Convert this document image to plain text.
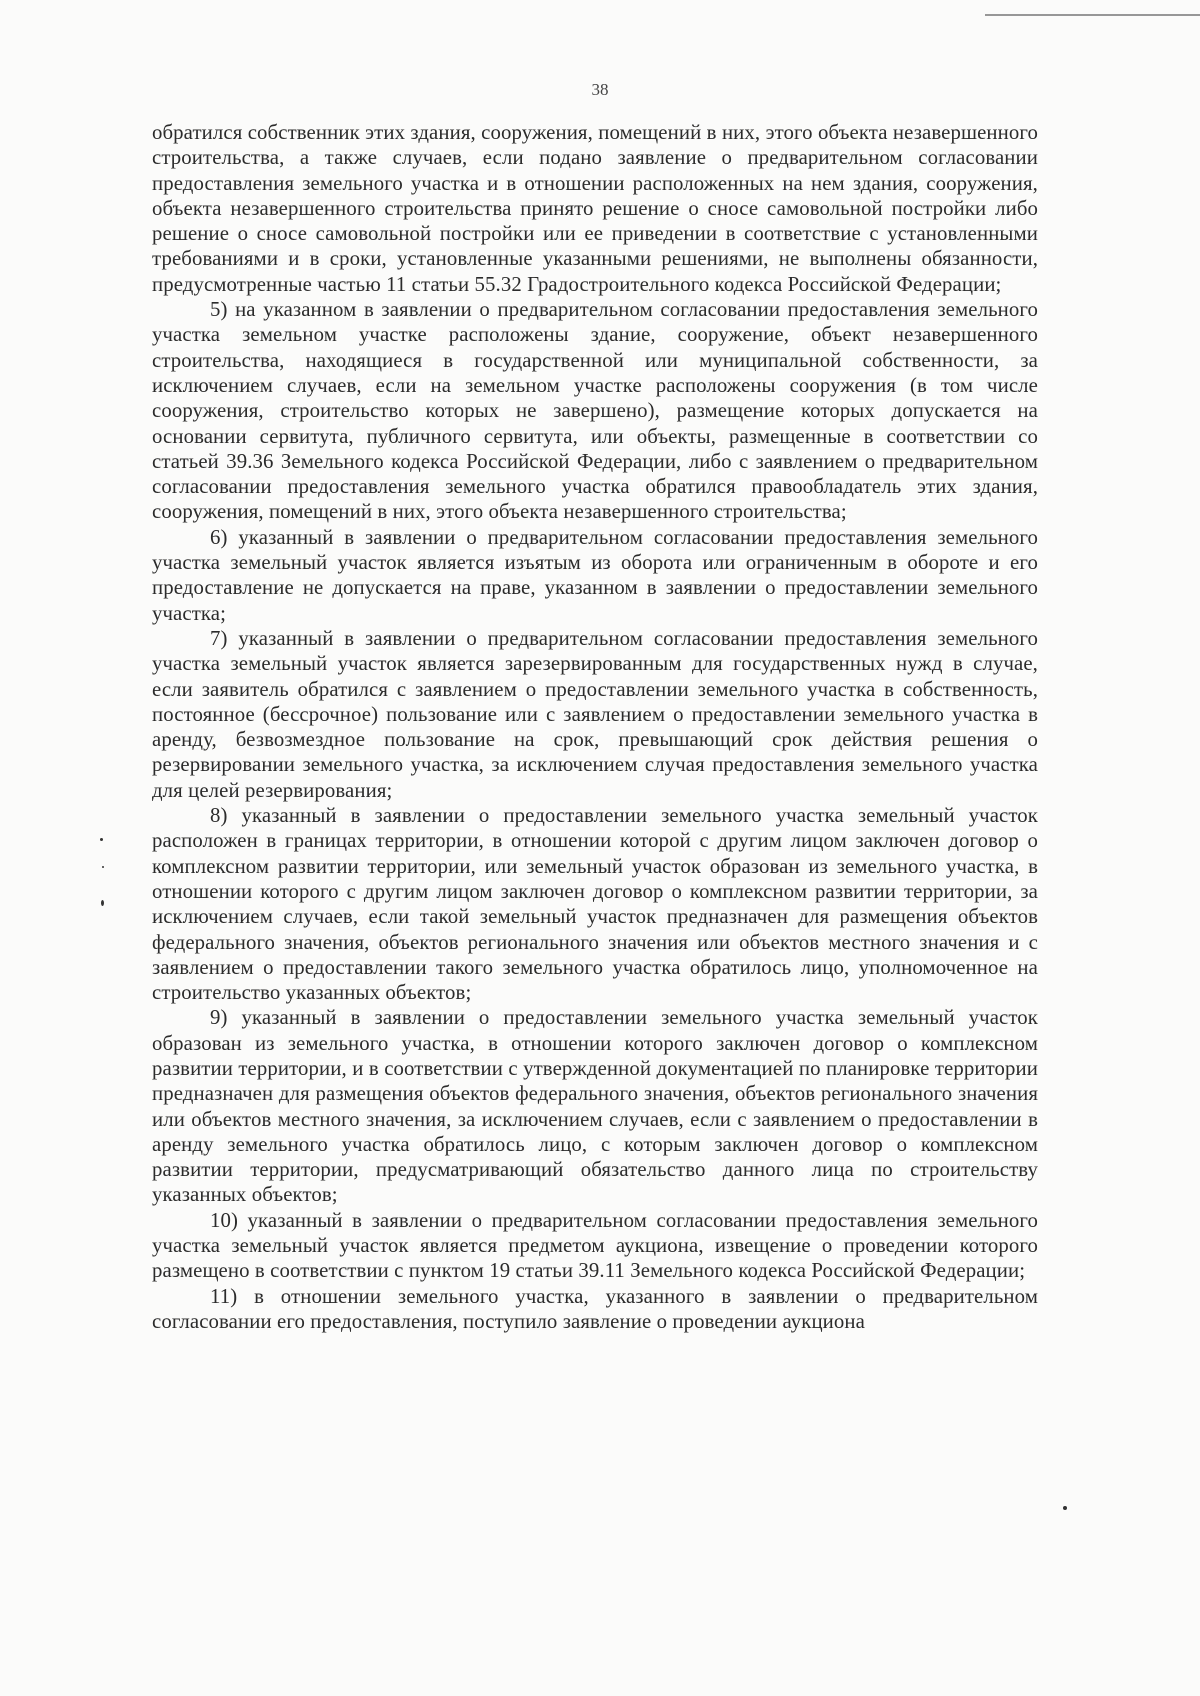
38

обратился собственник этих здания, сооружения, помещений в них, этого объекта незавершенного строительства, а также случаев, если подано заявление о предварительном согласовании предоставления земельного участка и в отношении расположенных на нем здания, сооружения, объекта незавершенного строительства принято решение о сносе самовольной постройки либо решение о сносе самовольной постройки или ее приведении в соответствие с установленными требованиями и в сроки, установленные указанными решениями, не выполнены обязанности, предусмотренные частью 11 статьи 55.32 Градостроительного кодекса Российской Федерации;

5) на указанном в заявлении о предварительном согласовании предоставления земельного участка земельном участке расположены здание, сооружение, объект незавершенного строительства, находящиеся в государственной или муниципальной собственности, за исключением случаев, если на земельном участке расположены сооружения (в том числе сооружения, строительство которых не завершено), размещение которых допускается на основании сервитута, публичного сервитута, или объекты, размещенные в соответствии со статьей 39.36 Земельного кодекса Российской Федерации, либо с заявлением о предварительном согласовании предоставления земельного участка обратился правообладатель этих здания, сооружения, помещений в них, этого объекта незавершенного строительства;

6) указанный в заявлении о предварительном согласовании предоставления земельного участка земельный участок является изъятым из оборота или ограниченным в обороте и его предоставление не допускается на праве, указанном в заявлении о предоставлении земельного участка;

7) указанный в заявлении о предварительном согласовании предоставления земельного участка земельный участок является зарезервированным для государственных нужд в случае, если заявитель обратился с заявлением о предоставлении земельного участка в собственность, постоянное (бессрочное) пользование или с заявлением о предоставлении земельного участка в аренду, безвозмездное пользование на срок, превышающий срок действия решения о резервировании земельного участка, за исключением случая предоставления земельного участка для целей резервирования;

8) указанный в заявлении о предоставлении земельного участка земельный участок расположен в границах территории, в отношении которой с другим лицом заключен договор о комплексном развитии территории, или земельный участок образован из земельного участка, в отношении которого с другим лицом заключен договор о комплексном развитии территории, за исключением случаев, если такой земельный участок предназначен для размещения объектов федерального значения, объектов регионального значения или объектов местного значения и с заявлением о предоставлении такого земельного участка обратилось лицо, уполномоченное на строительство указанных объектов;

9) указанный в заявлении о предоставлении земельного участка земельный участок образован из земельного участка, в отношении которого заключен договор о комплексном развитии территории, и в соответствии с утвержденной документацией по планировке территории предназначен для размещения объектов федерального значения, объектов регионального значения или объектов местного значения, за исключением случаев, если с заявлением о предоставлении в аренду земельного участка обратилось лицо, с которым заключен договор о комплексном развитии территории, предусматривающий обязательство данного лица по строительству указанных объектов;

10) указанный в заявлении о предварительном согласовании предоставления земельного участка земельный участок является предметом аукциона, извещение о проведении которого размещено в соответствии с пунктом 19 статьи 39.11 Земельного кодекса Российской Федерации;

11) в отношении земельного участка, указанного в заявлении о предварительном согласовании его предоставления, поступило заявление о проведении аукциона
